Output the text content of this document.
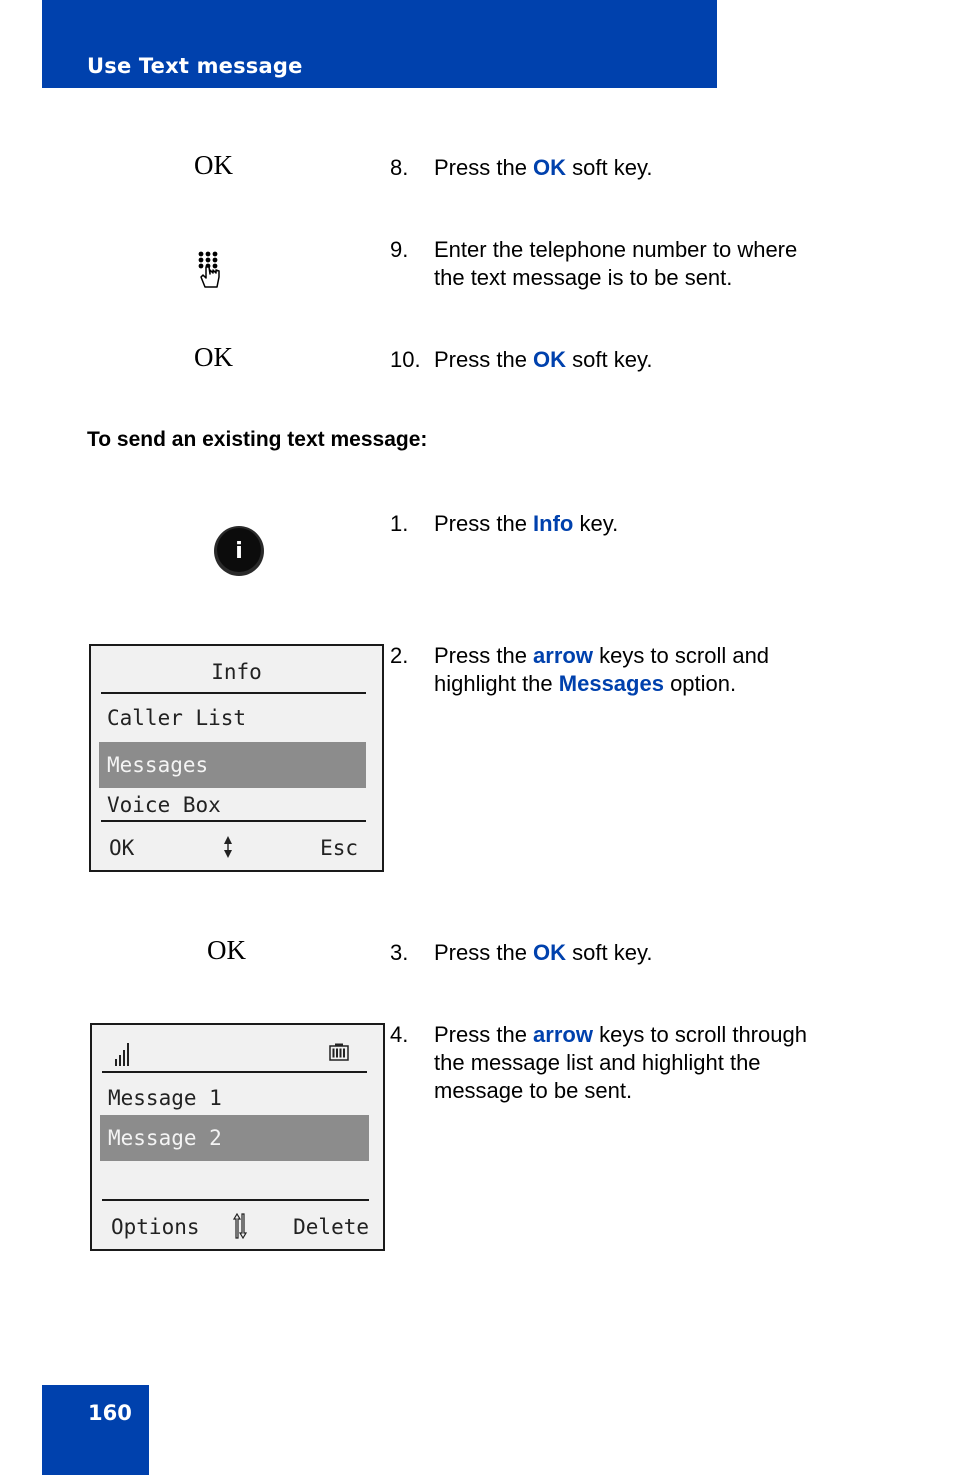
Use Text message
OK	8. Press the OK soft key.
9. Enter the telephone number to where
the text message is to be sent.
OK	10. Press the OK soft key.
To send an existing text message:
i
1. Press the Info key.
Info
Caller List
Messages
Voice Box
OK	Esc
2. Press the arrow keys to scroll and
highlight the Messages option.
OK	3. Press the OK soft key.
Message 1
Message 2
Options	Delete
4. Press the arrow keys to scroll through
the message list and highlight the
message to be sent.
160
